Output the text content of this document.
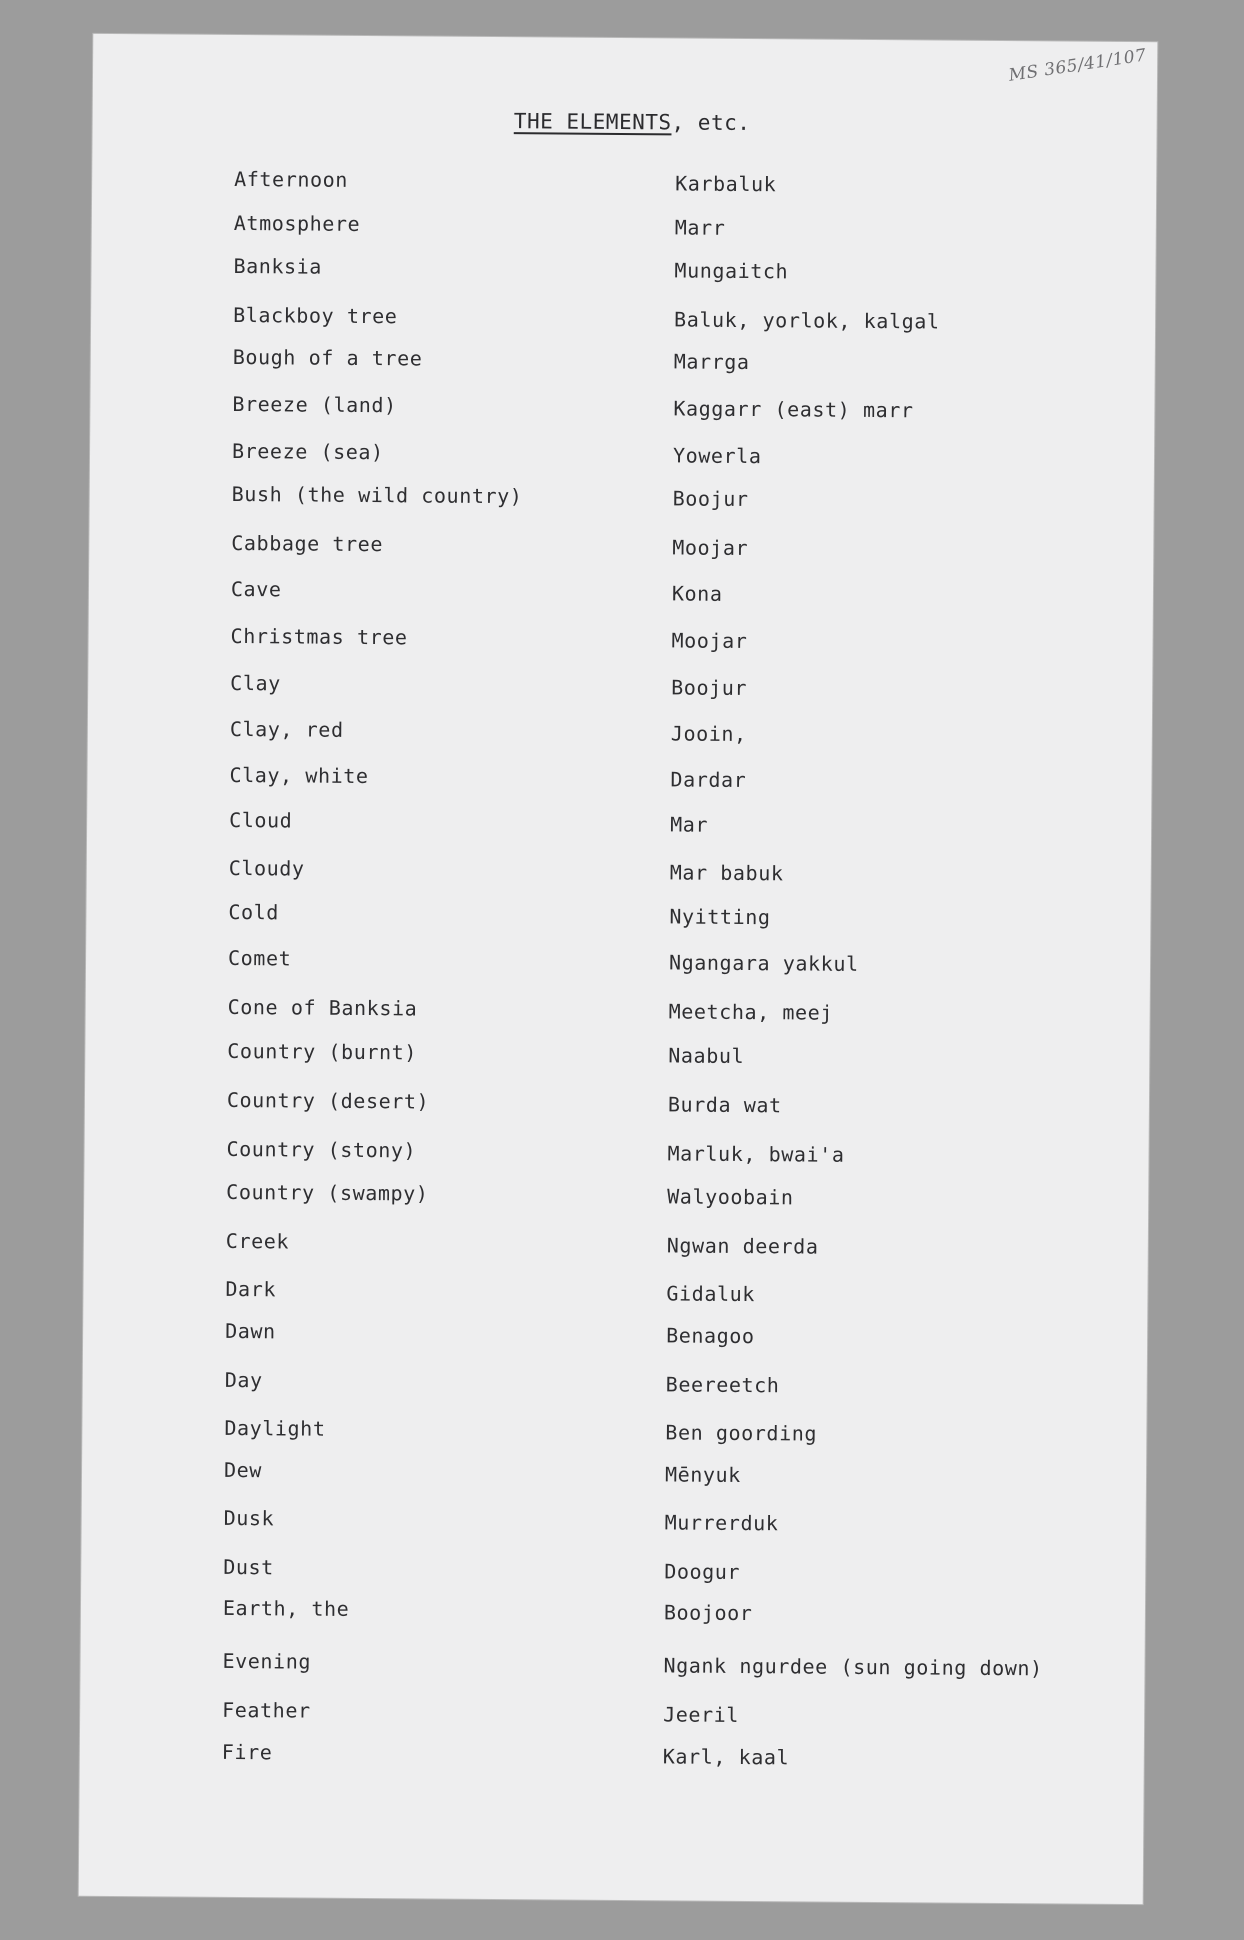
MS 365/41/107
THE ELEMENTS, etc.
Afternoon	Karbaluk
Atmosphere	Marr
Banksia	Mungaitch
Blackboy tree	Baluk, yorlok, kalgal
Bough of a tree	Marrga
Breeze (land)	Kaggarr (east) marr
Breeze (sea)	Yowerla
Bush (the wild country)	Boojur
Cabbage tree	Moojar
Cave	Kona
Christmas tree	Moojar
Clay	Boojur
Clay, red	Jooin,
Clay, white	Dardar
Cloud	Mar
Cloudy	Mar babuk
Cold	Nyitting
Comet	Ngangara yakkul
Cone of Banksia	Meetcha, meej
Country (burnt)	Naabul
Country (desert)	Burda wat
Country (stony)	Marluk, bwai'a
Country (swampy)	Walyoobain
Creek	Ngwan deerda
Dark	Gidaluk
Dawn	Benagoo
Day	Beereetch
Daylight	Ben goording
Dew	Mēnyuk
Dusk	Murrerduk
Dust	Doogur
Earth, the	Boojoor
Evening	Ngank ngurdee (sun going down)
Feather	Jeeril
Fire	Karl, kaal
